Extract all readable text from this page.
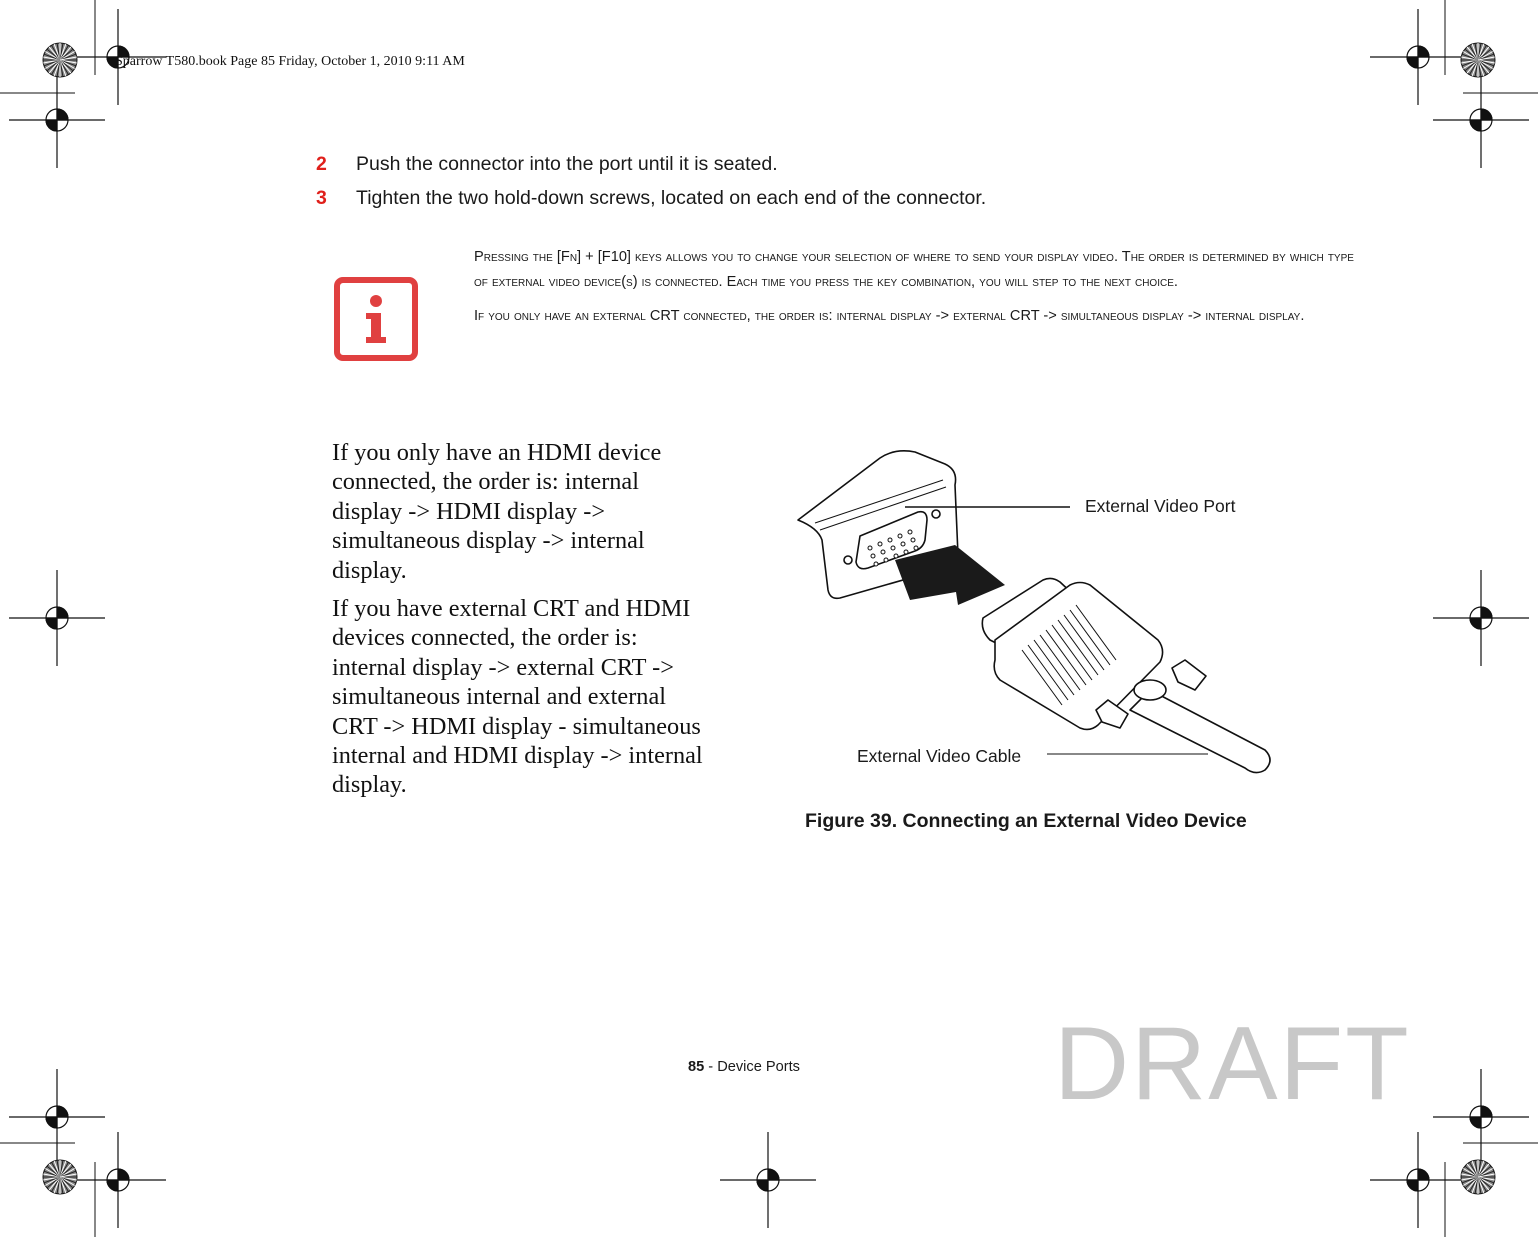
Sparrow T580.book Page 85 Friday, October 1, 2010 9:11 AM
2 Push the connector into the port until it is seated.
3 Tighten the two hold-down screws, located on each end of the connector.

Pressing the [Fn] + [F10] keys allows you to change your selection of where to send your display video. The order is determined by which type of external video device(s) is connected. Each time you press the key combination, you will step to the next choice.

If you only have an external CRT connected, the order is: internal display -> external CRT -> simultaneous display -> internal display.

If you only have an HDMI device connected, the order is: internal display -> HDMI display -> simultaneous display -> internal display.

If you have external CRT and HDMI devices connected, the order is: internal display -> external CRT -> simultaneous internal and external CRT -> HDMI display - simultaneous internal and HDMI display -> internal display.

External Video Port
External Video Cable
Figure 39. Connecting an External Video Device
85 - Device Ports DRAFT
